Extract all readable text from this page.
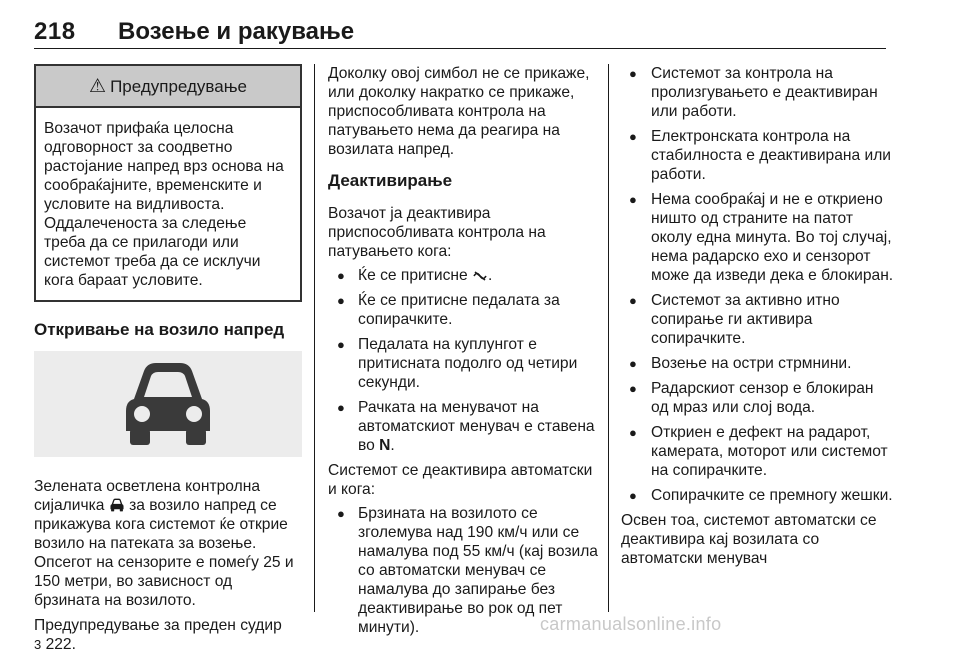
218 Возење и ракување
⚠ Предупредување
Возачот прифаќа целосна одговорност за соодветно растојание напред врз основа на сообраќајните, временските и условите на видливоста. Оддалеченоста за следење треба да се прилагоди или системот треба да се исклучи кога бараат условите.
Откривање на возило напред

Зелената осветлена контролна сијаличка за возило напред се прикажува кога системот ќе открие возило на патеката за возење. Опсегот на сензорите е помеѓу 25 и 150 метри, во зависност од брзината на возилото.

Предупредување за преден судир
3 222.

Доколку овој симбол не се прикаже, или доколку накратко се прикаже, приспособливата контрола на патувањето нема да реагира на возилата напред.

Деактивирање

Возачот ја деактивира приспособливата контрола на патувањето кога:

● Ќе се притисне .
● Ќе се притисне педалата за сопирачките.
● Педалата на куплунгот е притисната подолго од четири секунди.
● Рачката на менувачот на автоматскиот менувач е ставена во N.

Системот се деактивира автоматски и кога:

● Брзината на возилото се зголемува над 190 км/ч или се намалува под 55 км/ч (кај возила со автоматски менувач се намалува до запирање без деактивирање во рок од пет минути).
● Системот за контрола на пролизгувањето е деактивиран или работи.
● Електронската контрола на стабилноста е деактивирана или работи.
● Нема сообраќај и не е откриено ништо од страните на патот околу една минута. Во тој случај, нема радарско ехо и сензорот може да изведи дека е блокиран.
● Системот за активно итно сопирање ги активира сопирачките.
● Возење на остри стрмнини.
● Радарскиот сензор е блокиран од мраз или слој вода.
● Откриен е дефект на радарот, камерата, моторот или системот на сопирачките.
● Сопирачките се премногу жешки.

Освен тоа, системот автоматски се деактивира кај возилата со автоматски менувач

carmanualsonline.info
